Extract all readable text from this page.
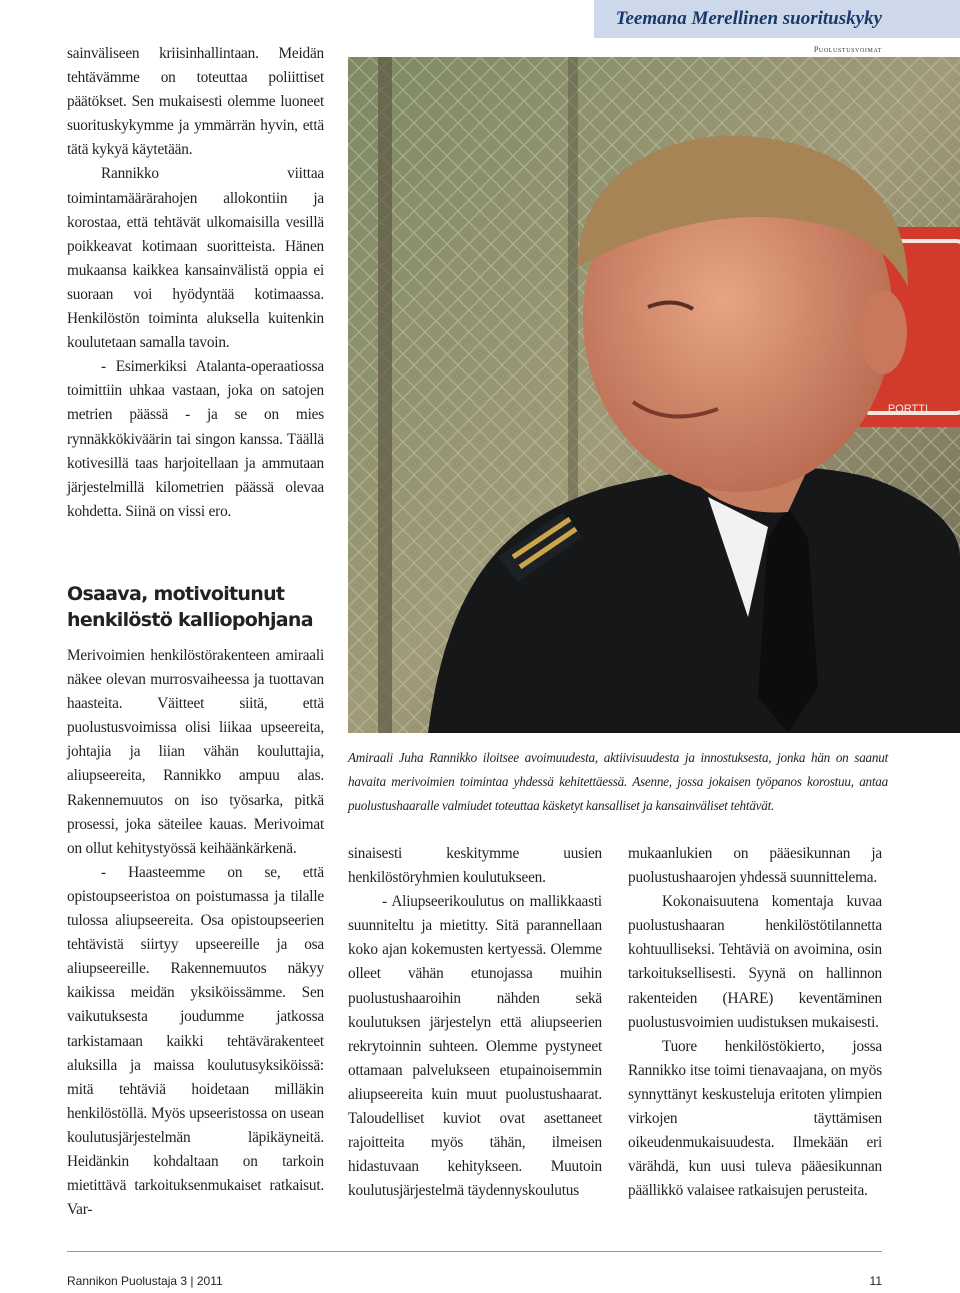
Teemana Merellinen suorituskyky
Puolustusvoimat

sainväliseen kriisinhallintaan. Meidän tehtävämme on toteuttaa poliittiset päätökset. Sen mukaisesti olemme luoneet suorituskykymme ja ymmärrän hyvin, että tätä kykyä käytetään.

Rannikko viittaa toimintamäärärahojen allokontiin ja korostaa, että tehtävät ulkomaisilla vesillä poikkeavat kotimaan suoritteista. Hänen mukaansa kaikkea kansainvälistä oppia ei suoraan voi hyödyntää kotimaassa. Henkilöstön toiminta aluksella kuitenkin koulutetaan samalla tavoin.

- Esimerkiksi Atalanta-operaatiossa toimittiin uhkaa vastaan, joka on satojen metrien päässä - ja se on mies rynnäkkökiväärin tai singon kanssa. Täällä kotivesillä taas harjoitellaan ja ammutaan järjestelmillä kilometrien päässä olevaa kohdetta. Siinä on vissi ero.

Osaava, motivoitunut
henkilöstö kalliopohjana

Merivoimien henkilöstörakenteen amiraali näkee olevan murrosvaiheessa ja tuottavan haasteita. Väitteet siitä, että puolustusvoimissa olisi liikaa upseereita, johtajia ja liian vähän kouluttajia, aliupseereita, Rannikko ampuu alas. Rakennemuutos on iso työsarka, pitkä prosessi, joka säteilee kauas. Merivoimat on ollut kehitystyössä keihäänkärkenä.

- Haasteemme on se, että opistoupseeristoa on poistumassa ja tilalle tulossa aliupseereita. Osa opistoupseerien tehtävistä siirtyy upseereille ja osa aliupseereille. Rakennemuutos näkyy kaikissa meidän yksiköissämme. Sen vaikutuksesta joudumme jatkossa tarkistamaan kaikki tehtävärakenteet aluksilla ja maissa koulutusyksiköissä: mitä tehtäviä hoidetaan milläkin henkilöstöllä. Myös upseeristossa on usean koulutusjärjestelmän läpikäyneitä. Heidänkin kohdaltaan on tarkoin mietittävä tarkoituksenmukaiset ratkaisut. Var-

PORTTI
Amiraali Juha Rannikko iloitsee avoimuudesta, aktiivisuudesta ja innostuksesta, jonka hän on saanut havaita merivoimien toimintaa yhdessä kehitettäessä. Asenne, jossa jokaisen työpanos korostuu, antaa puolustushaaralle valmiudet toteuttaa käsketyt kansalliset ja kansainväliset tehtävät.

sinaisesti keskitymme uusien henkilöstöryhmien koulutukseen.

- Aliupseerikoulutus on mallikkaasti suunniteltu ja mietitty. Sitä parannellaan koko ajan kokemusten kertyessä. Olemme olleet vähän etunojassa muihin puolustushaaroihin nähden sekä koulutuksen järjestelyn että aliupseerien rekrytoinnin suhteen. Olemme pystyneet ottamaan palvelukseen etupainoisemmin aliupseereita kuin muut puolustushaarat. Taloudelliset kuviot ovat asettaneet rajoitteita myös tähän, ilmeisen hidastuvaan kehitykseen. Muutoin koulutusjärjestelmä täydennyskoulutus

mukaanlukien on pääesikunnan ja puolustushaarojen yhdessä suunnittelema.

Kokonaisuutena komentaja kuvaa puolustushaaran henkilöstötilannetta kohtuulliseksi. Tehtäviä on avoimina, osin tarkoituksellisesti. Syynä on hallinnon rakenteiden (HARE) keventäminen puolustusvoimien uudistuksen mukaisesti.

Tuore henkilöstökierto, jossa Rannikko itse toimi tienavaajana, on myös synnyttänyt keskusteluja eritoten ylimpien virkojen täyttämisen oikeudenmukaisuudesta. Ilmekään eri värähdä, kun uusi tuleva pääesikunnan päällikkö valaisee ratkaisujen perusteita.

Rannikon Puolustaja 3 | 2011	11
